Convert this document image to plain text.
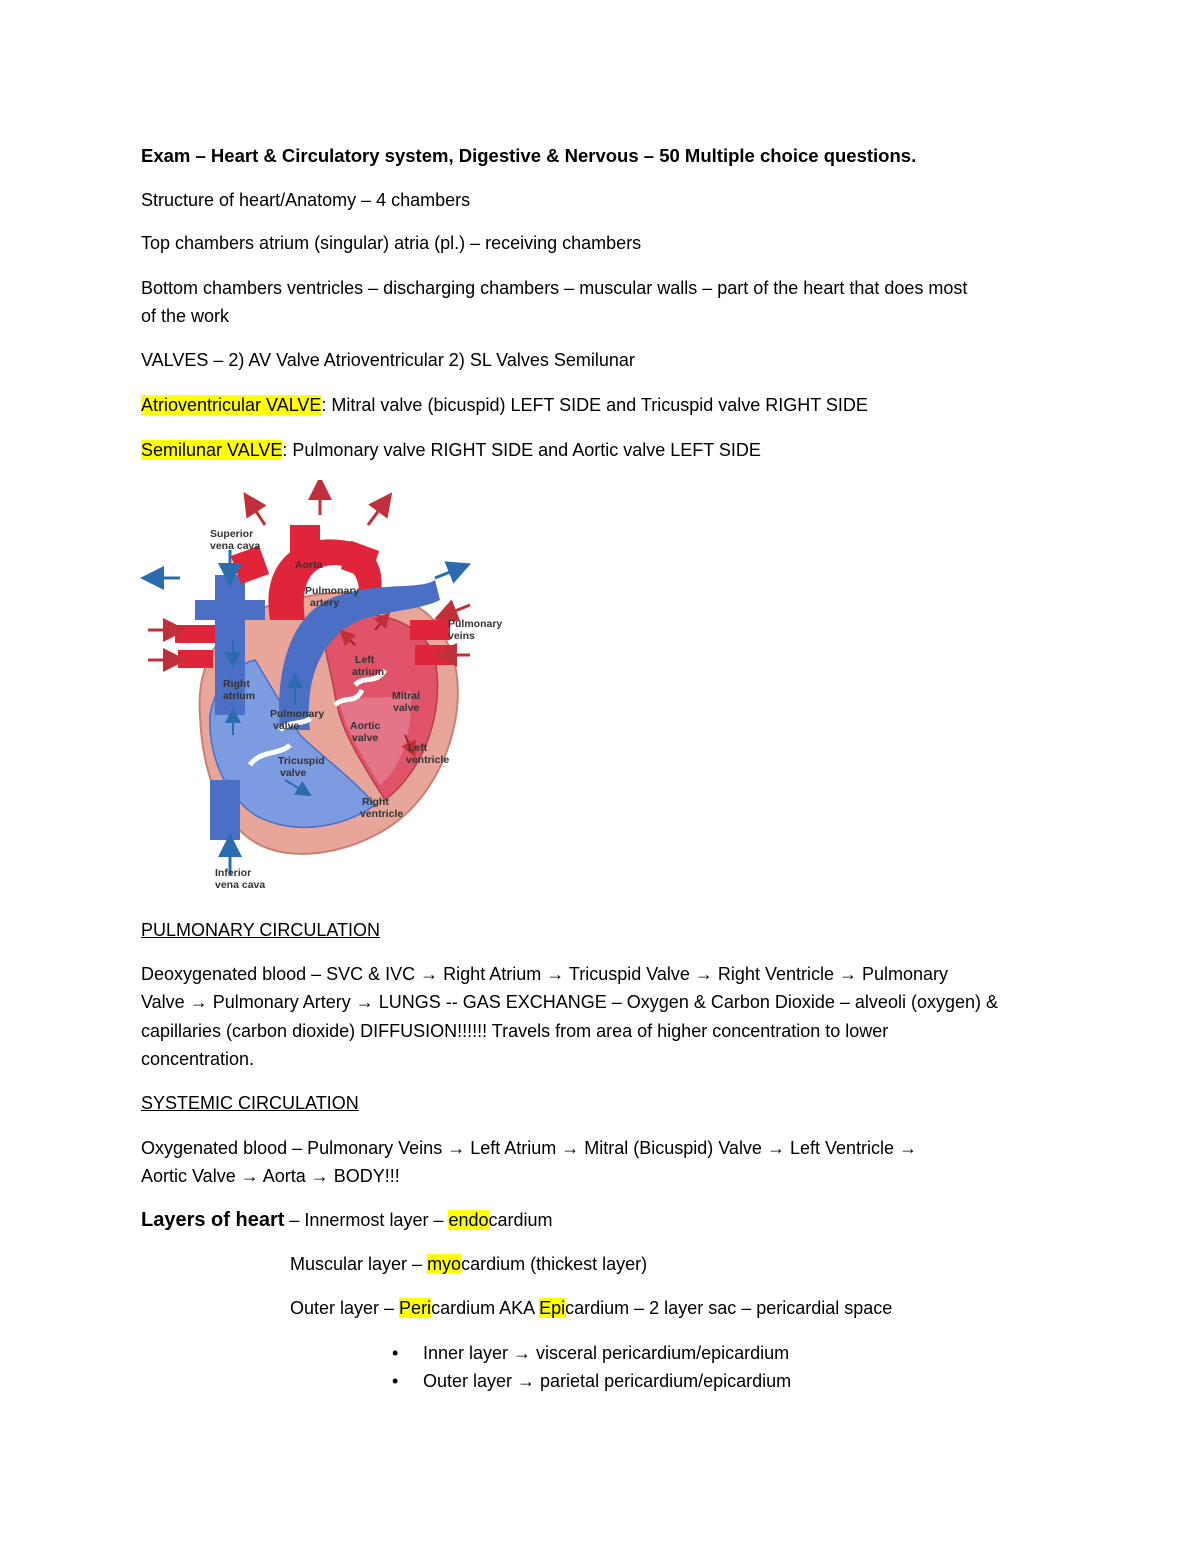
Exam – Heart & Circulatory system, Digestive & Nervous – 50 Multiple choice questions.
Structure of heart/Anatomy – 4 chambers
Top chambers atrium (singular) atria (pl.) – receiving chambers
Bottom chambers ventricles – discharging chambers – muscular walls – part of the heart that does most
of the work
VALVES – 2) AV Valve Atrioventricular 2) SL Valves Semilunar
Atrioventricular VALVE: Mitral valve (bicuspid) LEFT SIDE and Tricuspid valve RIGHT SIDE
Semilunar VALVE: Pulmonary valve RIGHT SIDE and Aortic valve LEFT SIDE
Superior
vena cava
Aorta
Pulmonary
artery
Pulmonary
veins
Left
atrium
Right
atrium	Mitral
valve
Pulmonary
valve	Aortic
valve
Left
ventricle
Tricuspid
valve
Right
ventricle
Inferior
vena cava
PULMONARY CIRCULATION
Deoxygenated blood – SVC & IVC → Right Atrium → Tricuspid Valve → Right Ventricle → Pulmonary
Valve → Pulmonary Artery → LUNGS -- GAS EXCHANGE – Oxygen & Carbon Dioxide – alveoli (oxygen) &
capillaries (carbon dioxide) DIFFUSION!!!!!! Travels from area of higher concentration to lower
concentration.
SYSTEMIC CIRCULATION
Oxygenated blood – Pulmonary Veins → Left Atrium → Mitral (Bicuspid) Valve → Left Ventricle →
Aortic Valve → Aorta → BODY!!!
Layers of heart – Innermost layer – endocardium
Muscular layer – myocardium (thickest layer)
Outer layer – Pericardium AKA Epicardium – 2 layer sac – pericardial space
• Inner layer → visceral pericardium/epicardium
• Outer layer → parietal pericardium/epicardium
